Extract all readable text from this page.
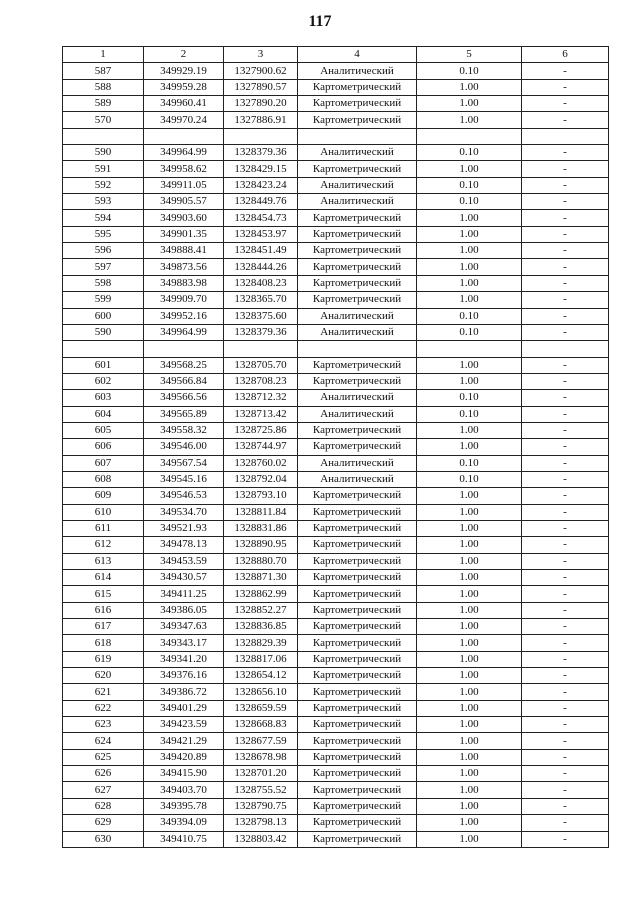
117
1	2	3	4	5	6
587	349929.19	1327900.62	Аналитический	0.10	-
588	349959.28	1327890.57	Картометрический	1.00	-
589	349960.41	1327890.20	Картометрический	1.00	-
570	349970.24	1327886.91	Картометрический	1.00	-

590	349964.99	1328379.36	Аналитический	0.10	-
591	349958.62	1328429.15	Картометрический	1.00	-
592	349911.05	1328423.24	Аналитический	0.10	-
593	349905.57	1328449.76	Аналитический	0.10	-
594	349903.60	1328454.73	Картометрический	1.00	-
595	349901.35	1328453.97	Картометрический	1.00	-
596	349888.41	1328451.49	Картометрический	1.00	-
597	349873.56	1328444.26	Картометрический	1.00	-
598	349883.98	1328408.23	Картометрический	1.00	-
599	349909.70	1328365.70	Картометрический	1.00	-
600	349952.16	1328375.60	Аналитический	0.10	-
590	349964.99	1328379.36	Аналитический	0.10	-

601	349568.25	1328705.70	Картометрический	1.00	-
602	349566.84	1328708.23	Картометрический	1.00	-
603	349566.56	1328712.32	Аналитический	0.10	-
604	349565.89	1328713.42	Аналитический	0.10	-
605	349558.32	1328725.86	Картометрический	1.00	-
606	349546.00	1328744.97	Картометрический	1.00	-
607	349567.54	1328760.02	Аналитический	0.10	-
608	349545.16	1328792.04	Аналитический	0.10	-
609	349546.53	1328793.10	Картометрический	1.00	-
610	349534.70	1328811.84	Картометрический	1.00	-
611	349521.93	1328831.86	Картометрический	1.00	-
612	349478.13	1328890.95	Картометрический	1.00	-
613	349453.59	1328880.70	Картометрический	1.00	-
614	349430.57	1328871.30	Картометрический	1.00	-
615	349411.25	1328862.99	Картометрический	1.00	-
616	349386.05	1328852.27	Картометрический	1.00	-
617	349347.63	1328836.85	Картометрический	1.00	-
618	349343.17	1328829.39	Картометрический	1.00	-
619	349341.20	1328817.06	Картометрический	1.00	-
620	349376.16	1328654.12	Картометрический	1.00	-
621	349386.72	1328656.10	Картометрический	1.00	-
622	349401.29	1328659.59	Картометрический	1.00	-
623	349423.59	1328668.83	Картометрический	1.00	-
624	349421.29	1328677.59	Картометрический	1.00	-
625	349420.89	1328678.98	Картометрический	1.00	-
626	349415.90	1328701.20	Картометрический	1.00	-
627	349403.70	1328755.52	Картометрический	1.00	-
628	349395.78	1328790.75	Картометрический	1.00	-
629	349394.09	1328798.13	Картометрический	1.00	-
630	349410.75	1328803.42	Картометрический	1.00	-
